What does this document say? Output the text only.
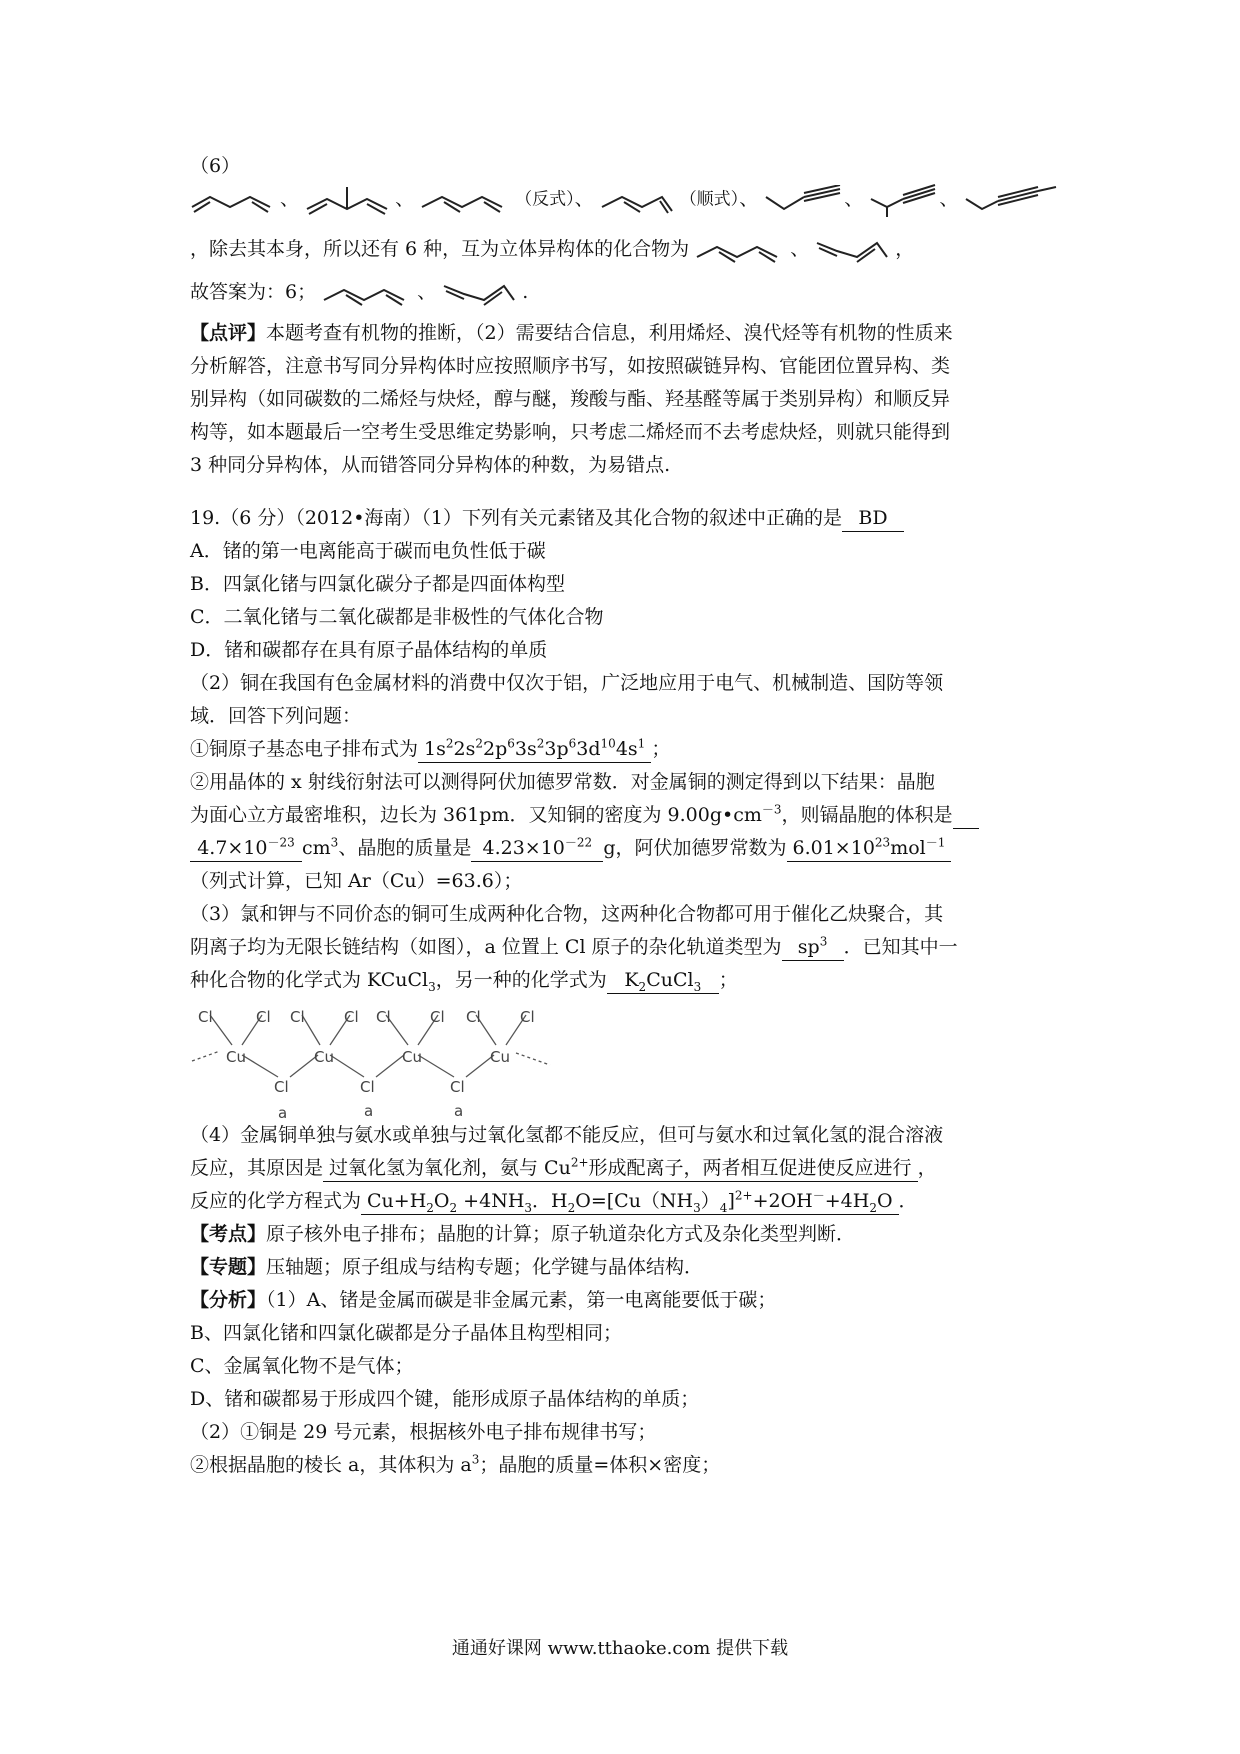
（6）
、	、	（反式）、	（顺式）、	、	、
，除去其本身，所以还有 6 种，互为立体异构体的化合物为	、	，
故答案为：6；	、	.
【点评】本题考查有机物的推断，（2）需要结合信息，利用烯烃、溴代烃等有机物的性质来
分析解答，注意书写同分异构体时应按照顺序书写，如按照碳链异构、官能团位置异构、类
别异构（如同碳数的二烯烃与炔烃，醇与醚，羧酸与酯、羟基醛等属于类别异构）和顺反异
构等，如本题最后一空考生受思维定势影响，只考虑二烯烃而不去考虑炔烃，则就只能得到
3 种同分异构体，从而错答同分异构体的种数，为易错点.
19.（6 分）（2012•海南）（1）下列有关元素锗及其化合物的叙述中正确的是 BD
A．锗的第一电离能高于碳而电负性低于碳
B．四氯化锗与四氯化碳分子都是四面体构型
C．二氧化锗与二氧化碳都是非极性的气体化合物
D．锗和碳都存在具有原子晶体结构的单质
（2）铜在我国有色金属材料的消费中仅次于铝，广泛地应用于电气、机械制造、国防等领
域．回答下列问题：
①铜原子基态电子排布式为 $1s^22s^22p^63s^23p^63d^{10}4s^1$ ；
②用晶体的 x 射线衍射法可以测得阿伏加德罗常数．对金属铜的测定得到以下结果：晶胞
为面心立方最密堆积，边长为 361pm．又知铜的密度为 $9.00g•cm^{-3}$，则镉晶胞的体积是
$4.7\times 10^{-23}$ $cm^3$、晶胞的质量是 $4.23\times 10^{-22}$ g，阿伏加德罗常数为 $6.01\times 10^{23}mol^{-1}$
（列式计算，已知 Ar（Cu）=63.6）；
（3）氯和钾与不同价态的铜可生成两种化合物，这两种化合物都可用于催化乙炔聚合，其
阴离子均为无限长链结构（如图），a 位置上 Cl 原子的杂化轨道类型为 $sp^3$ ．已知其中一
种化合物的化学式为 KCuCl$_3$，另一种的化学式为 $K_2CuCl_3$ ；
Cl	Cl Cl	Cl Cl	Cl Cl	Cl
Cu	Cu	Cu	Cu
Cl	Cl	Cl
a	a	a
（4）金属铜单独与氨水或单独与过氧化氢都不能反应，但可与氨水和过氧化氢的混合溶液
反应，其原因是 过氧化氢为氧化剂，氨与 $Cu^{2+}$形成配离子，两者相互促进使反应进行 ，
反应的化学方程式为 $Cu+H_2O_2 +4NH_3$．$H_2O=[Cu(NH_3)_4]^{2+}+2OH^-+4H_2O$ ．
【考点】原子核外电子排布；晶胞的计算；原子轨道杂化方式及杂化类型判断．
【专题】压轴题；原子组成与结构专题；化学键与晶体结构．
【分析】（1）A、锗是金属而碳是非金属元素，第一电离能要低于碳；
B、四氯化锗和四氯化碳都是分子晶体且构型相同；
C、金属氧化物不是气体；
D、锗和碳都易于形成四个键，能形成原子晶体结构的单质；
（2）①铜是 29 号元素，根据核外电子排布规律书写；
②根据晶胞的棱长 a，其体积为 $a^3$；晶胞的质量=体积×密度；
通通好课网 www.tthaoke.com 提供下载
